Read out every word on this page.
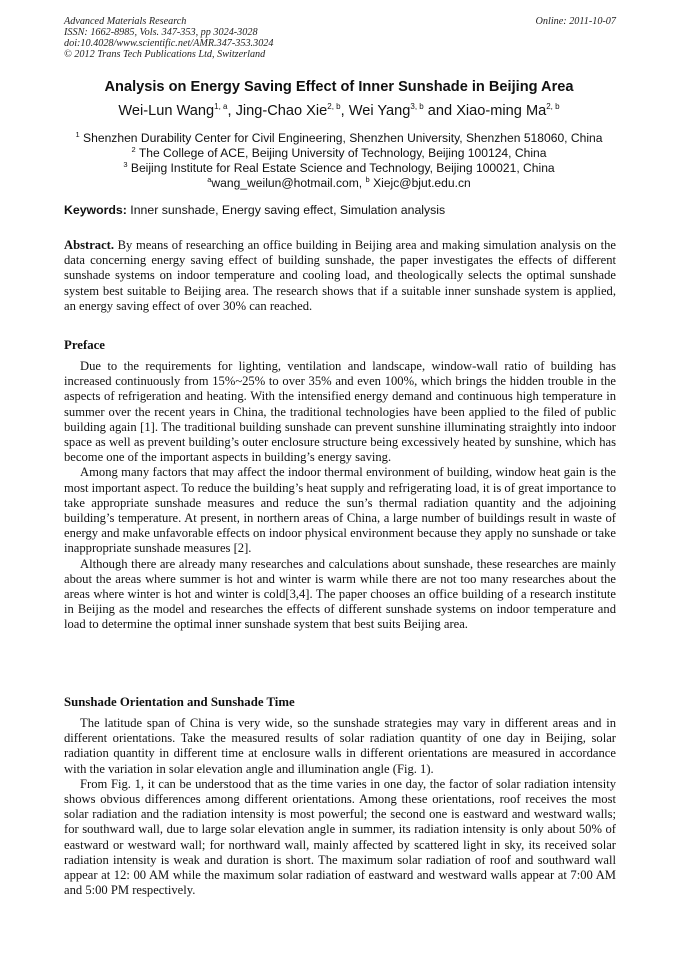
Advanced Materials Research	Online: 2011-10-07
ISSN: 1662-8985, Vols. 347-353, pp 3024-3028
doi:10.4028/www.scientific.net/AMR.347-353.3024
© 2012 Trans Tech Publications Ltd, Switzerland
Analysis on Energy Saving Effect of Inner Sunshade in Beijing Area
Wei-Lun Wang$^{1, a}$, Jing-Chao Xie$^{2, b}$, Wei Yang$^{3, b}$ and Xiao-ming Ma$^{2, b}$
$^1$ Shenzhen Durability Center for Civil Engineering, Shenzhen University, Shenzhen 518060, China
$^2$ The College of ACE, Beijing University of Technology, Beijing 100124, China
$^3$ Beijing Institute for Real Estate Science and Technology, Beijing 100021, China
$^a$wang_weilun@hotmail.com, $^b$ Xiejc@bjut.edu.cn
Keywords: Inner sunshade, Energy saving effect, Simulation analysis

Abstract. By means of researching an office building in Beijing area and making simulation analysis on the data concerning energy saving effect of building sunshade, the paper investigates the effects of different sunshade systems on indoor temperature and cooling load, and theologically selects the optimal sunshade system best suitable to Beijing area. The research shows that if a suitable inner sunshade system is applied, an energy saving effect of over 30% can reached.

Preface

Due to the requirements for lighting, ventilation and landscape, window-wall ratio of building has increased continuously from 15%~25% to over 35% and even 100%, which brings the hidden trouble in the aspects of refrigeration and heating. With the intensified energy demand and continuous high temperature in summer over the recent years in China, the traditional technologies have been applied to the filed of public building again [1]. The traditional building sunshade can prevent sunshine illuminating straightly into indoor space as well as prevent building’s outer enclosure structure being excessively heated by sunshine, which has become one of the important aspects in building’s energy saving.

Among many factors that may affect the indoor thermal environment of building, window heat gain is the most important aspect. To reduce the building’s heat supply and refrigerating load, it is of great importance to take appropriate sunshade measures and reduce the sun’s thermal radiation quantity and the adjoining building’s temperature. At present, in northern areas of China, a large number of buildings result in waste of energy and make unfavorable effects on indoor physical environment because they apply no sunshade or take inappropriate sunshade measures [2].

Although there are already many researches and calculations about sunshade, these researches are mainly about the areas where summer is hot and winter is warm while there are not too many researches about the areas where winter is hot and winter is cold[3,4]. The paper chooses an office building of a research institute in Beijing as the model and researches the effects of different sunshade systems on indoor temperature and load to determine the optimal inner sunshade system that best suits Beijing area.

Sunshade Orientation and Sunshade Time

The latitude span of China is very wide, so the sunshade strategies may vary in different areas and in different orientations. Take the measured results of solar radiation quantity of one day in Beijing, solar radiation quantity in different time at enclosure walls in different orientations are measured in accordance with the variation in solar elevation angle and illumination angle (Fig. 1).

From Fig. 1, it can be understood that as the time varies in one day, the factor of solar radiation intensity shows obvious differences among different orientations. Among these orientations, roof receives the most solar radiation and the radiation intensity is most powerful; the second one is eastward and westward walls; for southward wall, due to large solar elevation angle in summer, its radiation intensity is only about 50% of eastward or westward wall; for northward wall, mainly affected by scattered light in sky, its received solar radiation intensity is weak and duration is short. The maximum solar radiation of roof and southward wall appear at 12: 00 AM while the maximum solar radiation of eastward and westward walls appear at 7:00 AM and 5:00 PM respectively.
